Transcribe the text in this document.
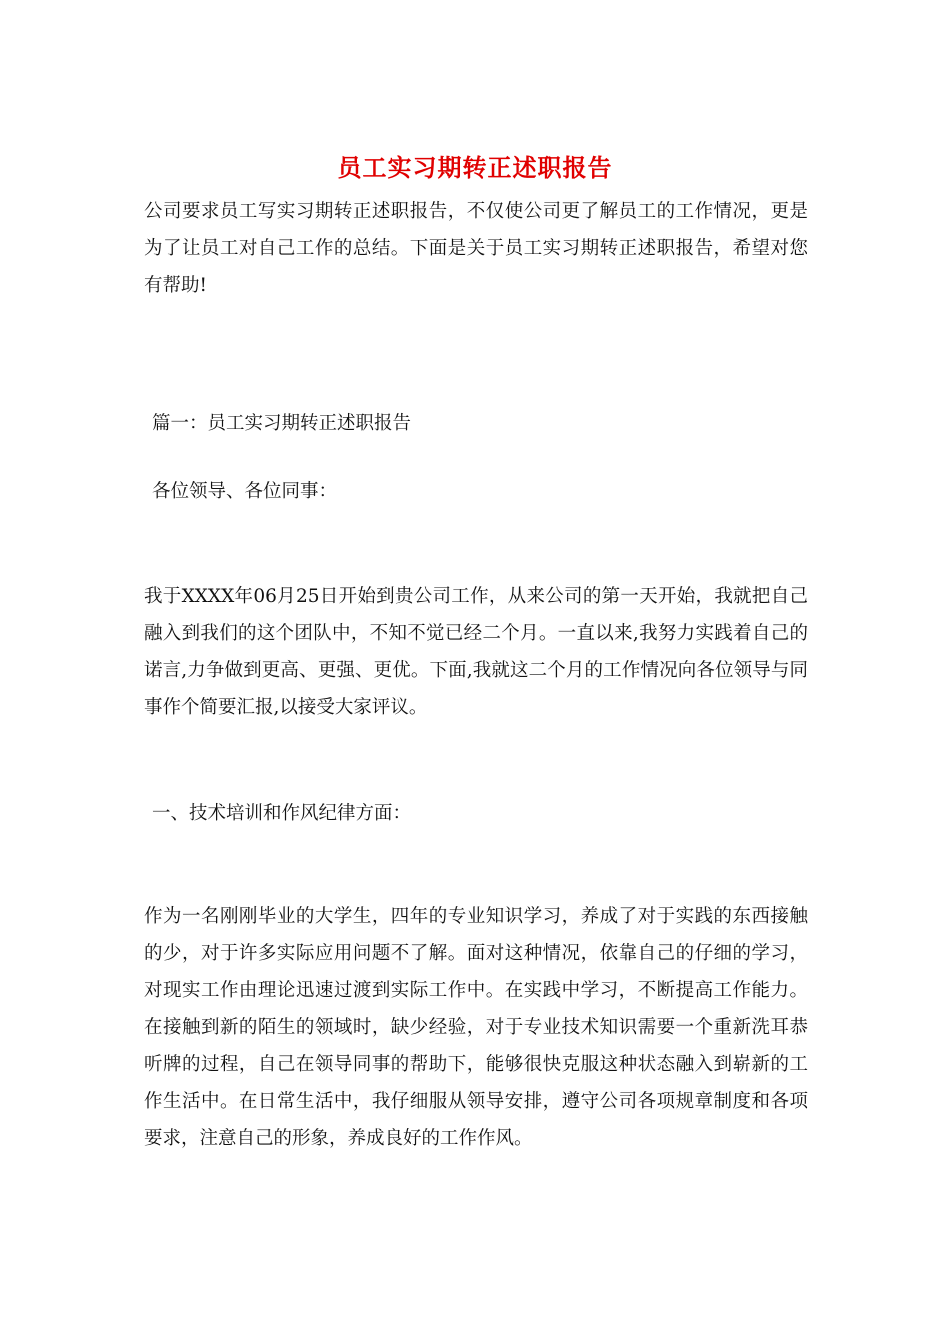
员工实习期转正述职报告

公司要求员工写实习期转正述职报告，不仅使公司更了解员工的工作情况，更是为了让员工对自己工作的总结。下面是关于员工实习期转正述职报告，希望对您有帮助!

篇一：员工实习期转正述职报告

各位领导、各位同事：

我于XXXX年06月25日开始到贵公司工作，从来公司的第一天开始，我就把自己融入到我们的这个团队中，不知不觉已经二个月。一直以来,我努力实践着自己的诺言,力争做到更高、更强、更优。下面,我就这二个月的工作情况向各位领导与同事作个简要汇报,以接受大家评议。

一、技术培训和作风纪律方面：

作为一名刚刚毕业的大学生，四年的专业知识学习，养成了对于实践的东西接触的少，对于许多实际应用问题不了解。面对这种情况，依靠自己的仔细的学习，对现实工作由理论迅速过渡到实际工作中。在实践中学习，不断提高工作能力。在接触到新的陌生的领域时，缺少经验，对于专业技术知识需要一个重新洗耳恭听牌的过程，自己在领导同事的帮助下，能够很快克服这种状态融入到崭新的工作生活中。在日常生活中，我仔细服从领导安排，遵守公司各项规章制度和各项要求，注意自己的形象，养成良好的工作作风。
